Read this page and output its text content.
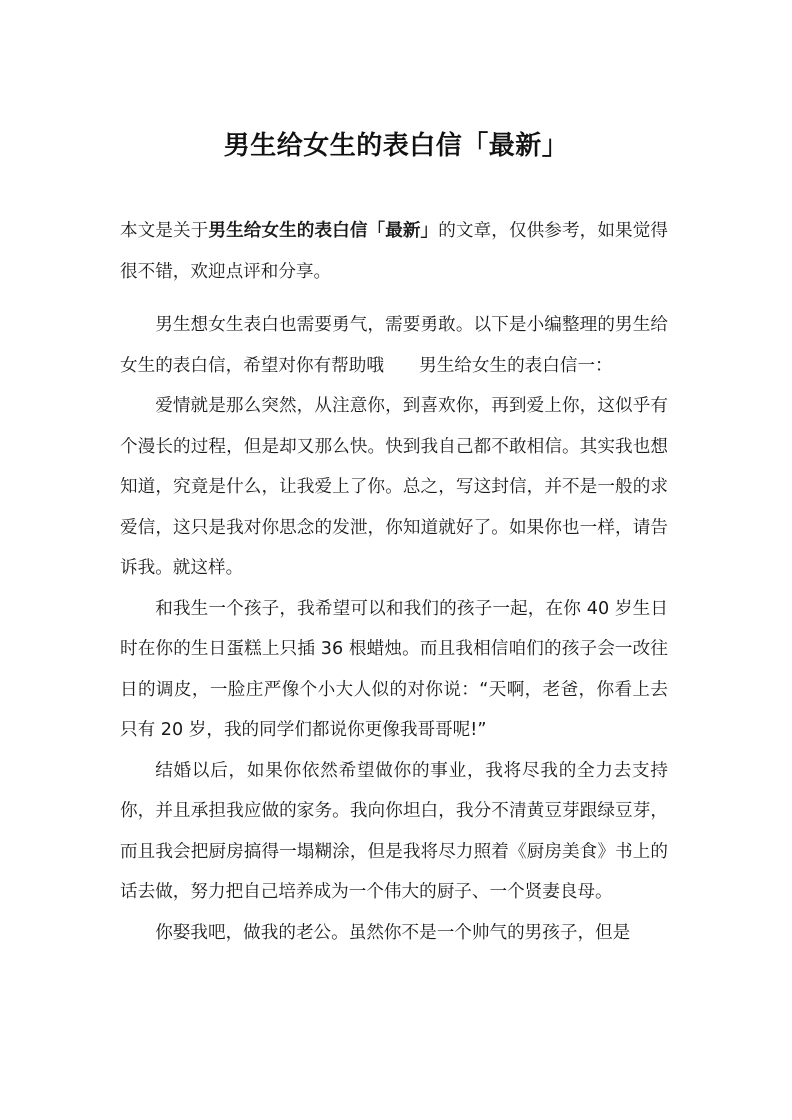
男生给女生的表白信「最新」

本文是关于男生给女生的表白信「最新」的文章，仅供参考，如果觉得很不错，欢迎点评和分享。

男生想女生表白也需要勇气，需要勇敢。以下是小编整理的男生给女生的表白信，希望对你有帮助哦 男生给女生的表白信一：

爱情就是那么突然，从注意你，到喜欢你，再到爱上你，这似乎有个漫长的过程，但是却又那么快。快到我自己都不敢相信。其实我也想知道，究竟是什么，让我爱上了你。总之，写这封信，并不是一般的求爱信，这只是我对你思念的发泄，你知道就好了。如果你也一样，请告诉我。就这样。

和我生一个孩子，我希望可以和我们的孩子一起，在你 40 岁生日时在你的生日蛋糕上只插 36 根蜡烛。而且我相信咱们的孩子会一改往日的调皮，一脸庄严像个小大人似的对你说：“天啊，老爸，你看上去只有 20 岁，我的同学们都说你更像我哥哥呢!”

结婚以后，如果你依然希望做你的事业，我将尽我的全力去支持你，并且承担我应做的家务。我向你坦白，我分不清黄豆芽跟绿豆芽，而且我会把厨房搞得一塌糊涂，但是我将尽力照着《厨房美食》书上的话去做，努力把自己培养成为一个伟大的厨子、一个贤妻良母。

你娶我吧，做我的老公。虽然你不是一个帅气的男孩子，但是
